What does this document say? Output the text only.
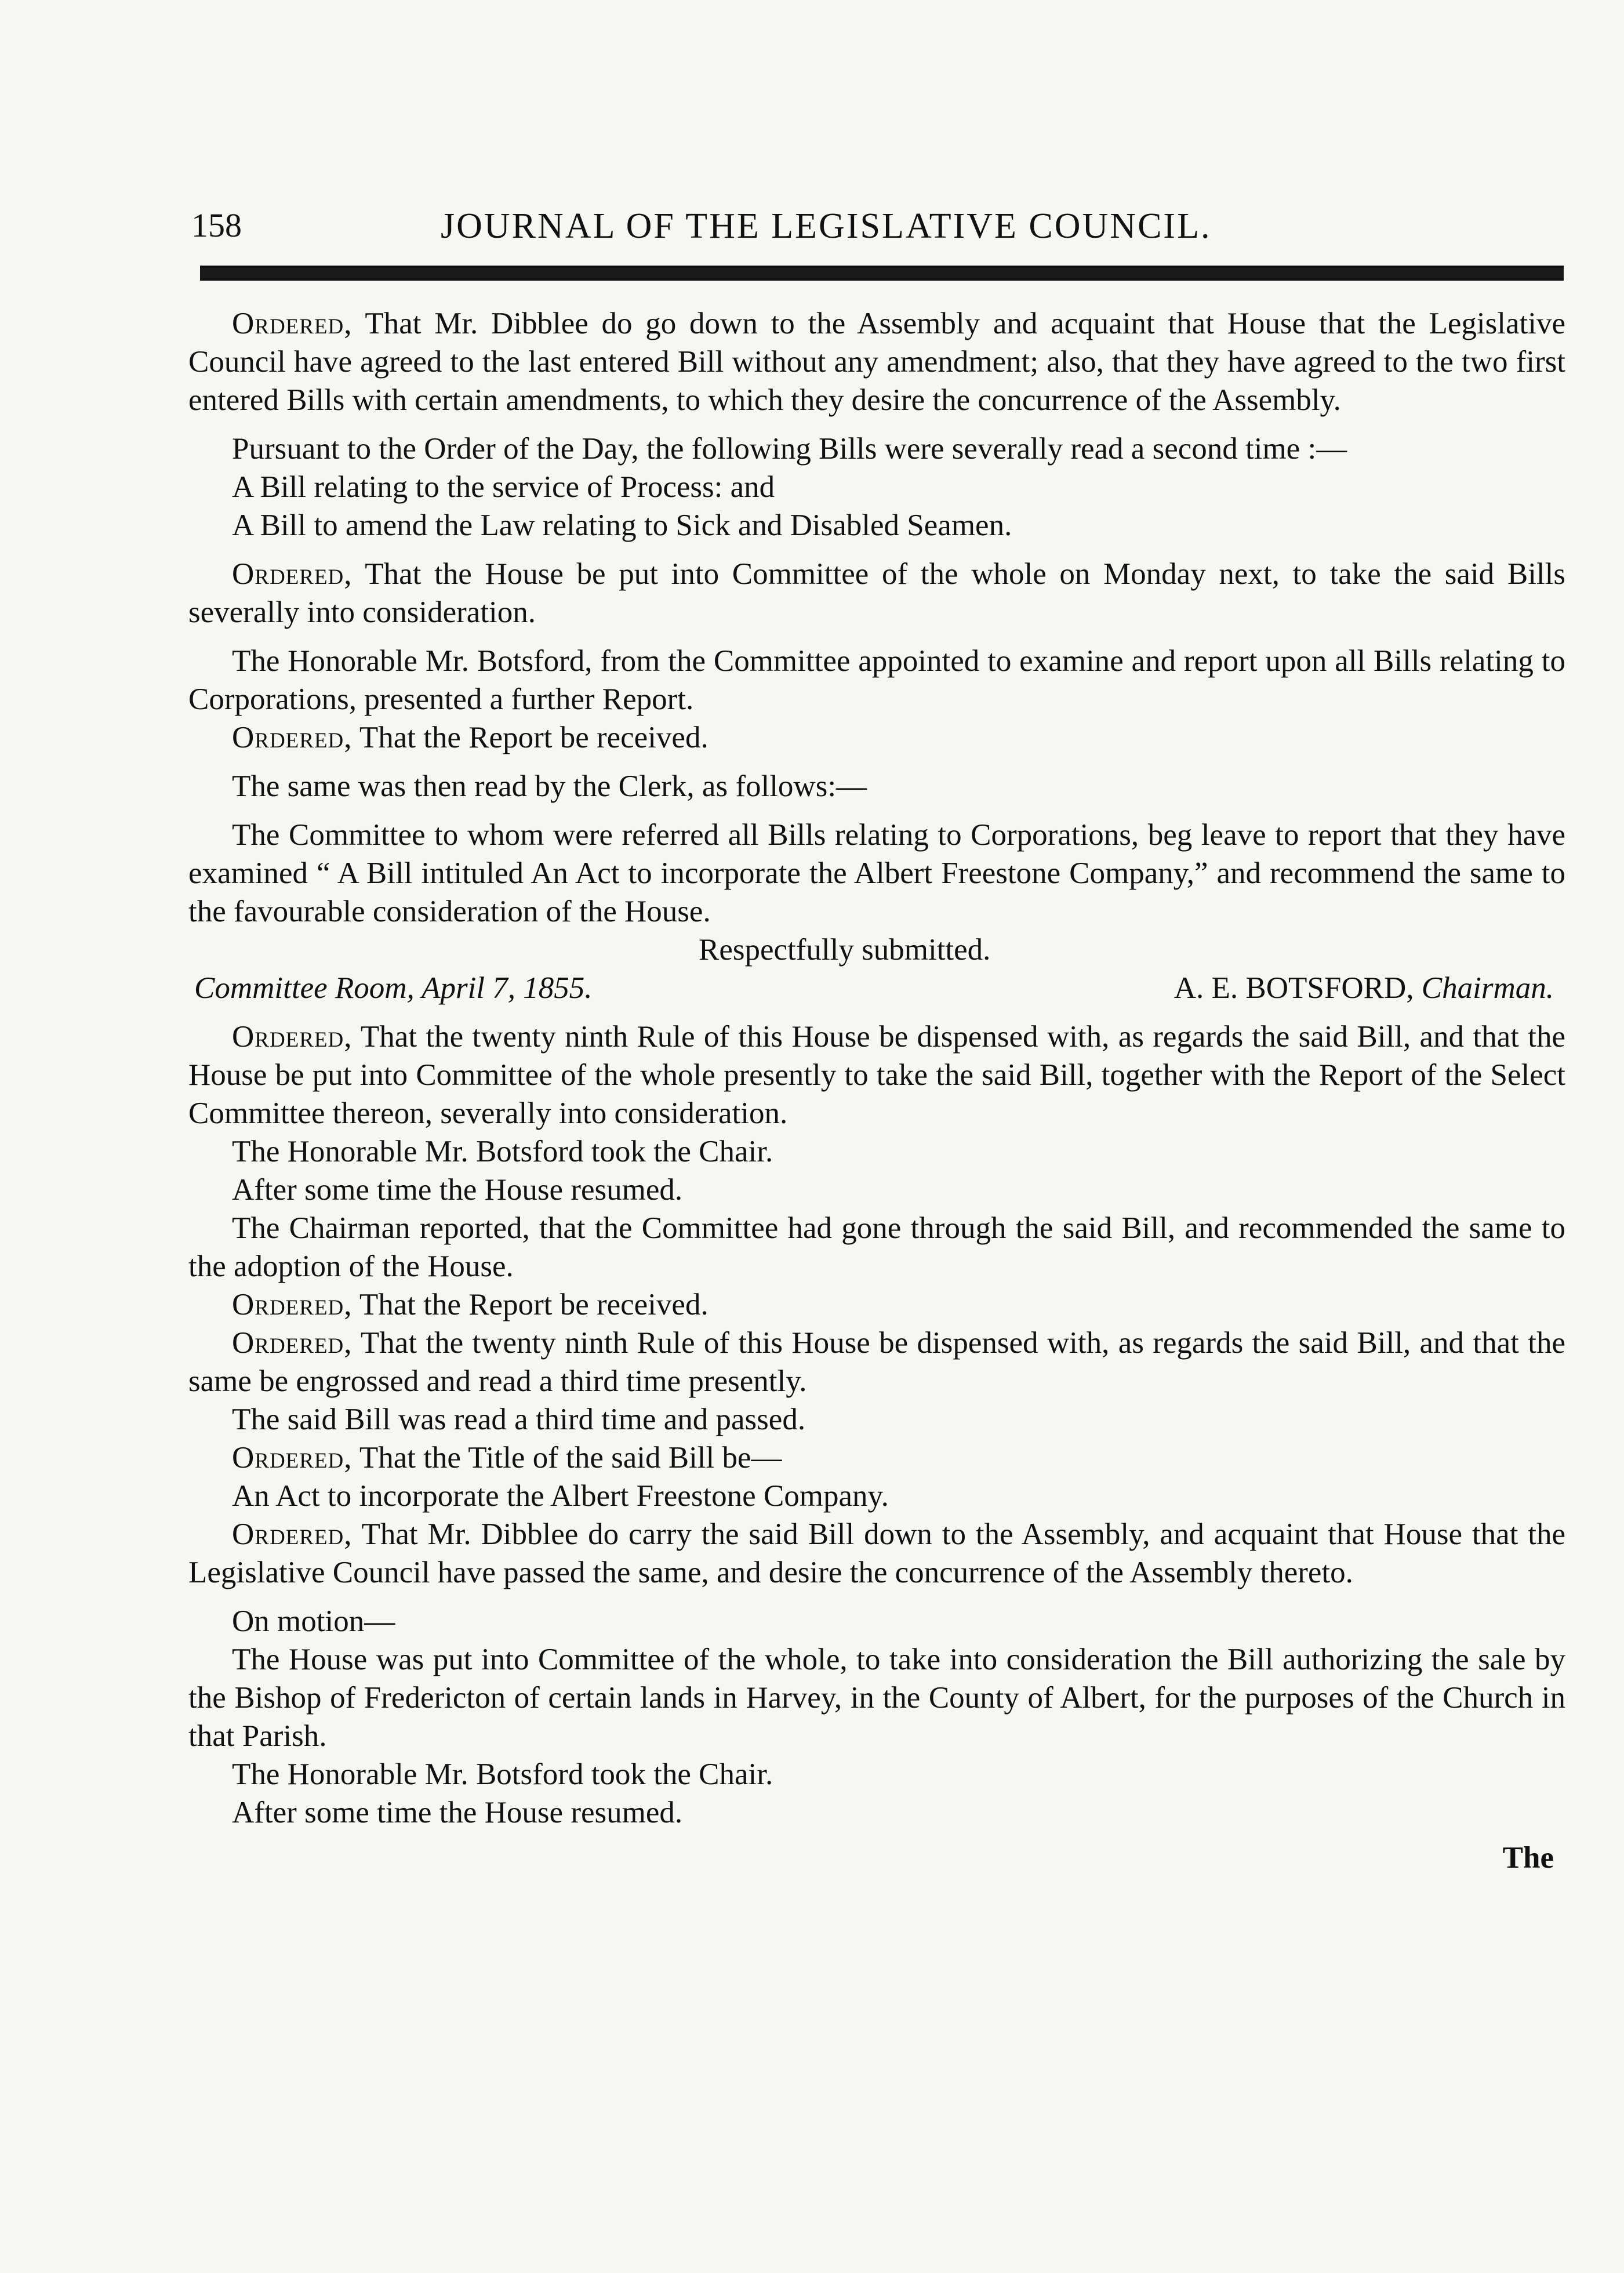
158	JOURNAL OF THE LEGISLATIVE COUNCIL.

Ordered, That Mr. Dibblee do go down to the Assembly and acquaint that House that the Legislative Council have agreed to the last entered Bill without any amendment; also, that they have agreed to the two first entered Bills with certain amendments, to which they desire the concurrence of the Assembly.

Pursuant to the Order of the Day, the following Bills were severally read a second time :—

A Bill relating to the service of Process: and

A Bill to amend the Law relating to Sick and Disabled Seamen.

Ordered, That the House be put into Committee of the whole on Monday next, to take the said Bills severally into consideration.

The Honorable Mr. Botsford, from the Committee appointed to examine and report upon all Bills relating to Corporations, presented a further Report.

Ordered, That the Report be received.

The same was then read by the Clerk, as follows:—

The Committee to whom were referred all Bills relating to Corporations, beg leave to report that they have examined “ A Bill intituled An Act to incorporate the Albert Freestone Company,” and recommend the same to the favourable consideration of the House.

Respectfully submitted.

Committee Room, April 7, 1855.	A. E. BOTSFORD, Chairman.

Ordered, That the twenty ninth Rule of this House be dispensed with, as regards the said Bill, and that the House be put into Committee of the whole presently to take the said Bill, together with the Report of the Select Committee thereon, severally into consideration.

The Honorable Mr. Botsford took the Chair.

After some time the House resumed.

The Chairman reported, that the Committee had gone through the said Bill, and recommended the same to the adoption of the House.

Ordered, That the Report be received.

Ordered, That the twenty ninth Rule of this House be dispensed with, as regards the said Bill, and that the same be engrossed and read a third time presently.

The said Bill was read a third time and passed.

Ordered, That the Title of the said Bill be—

An Act to incorporate the Albert Freestone Company.

Ordered, That Mr. Dibblee do carry the said Bill down to the Assembly, and acquaint that House that the Legislative Council have passed the same, and desire the concurrence of the Assembly thereto.

On motion—

The House was put into Committee of the whole, to take into consideration the Bill authorizing the sale by the Bishop of Fredericton of certain lands in Harvey, in the County of Albert, for the purposes of the Church in that Parish.

The Honorable Mr. Botsford took the Chair.

After some time the House resumed.

The
